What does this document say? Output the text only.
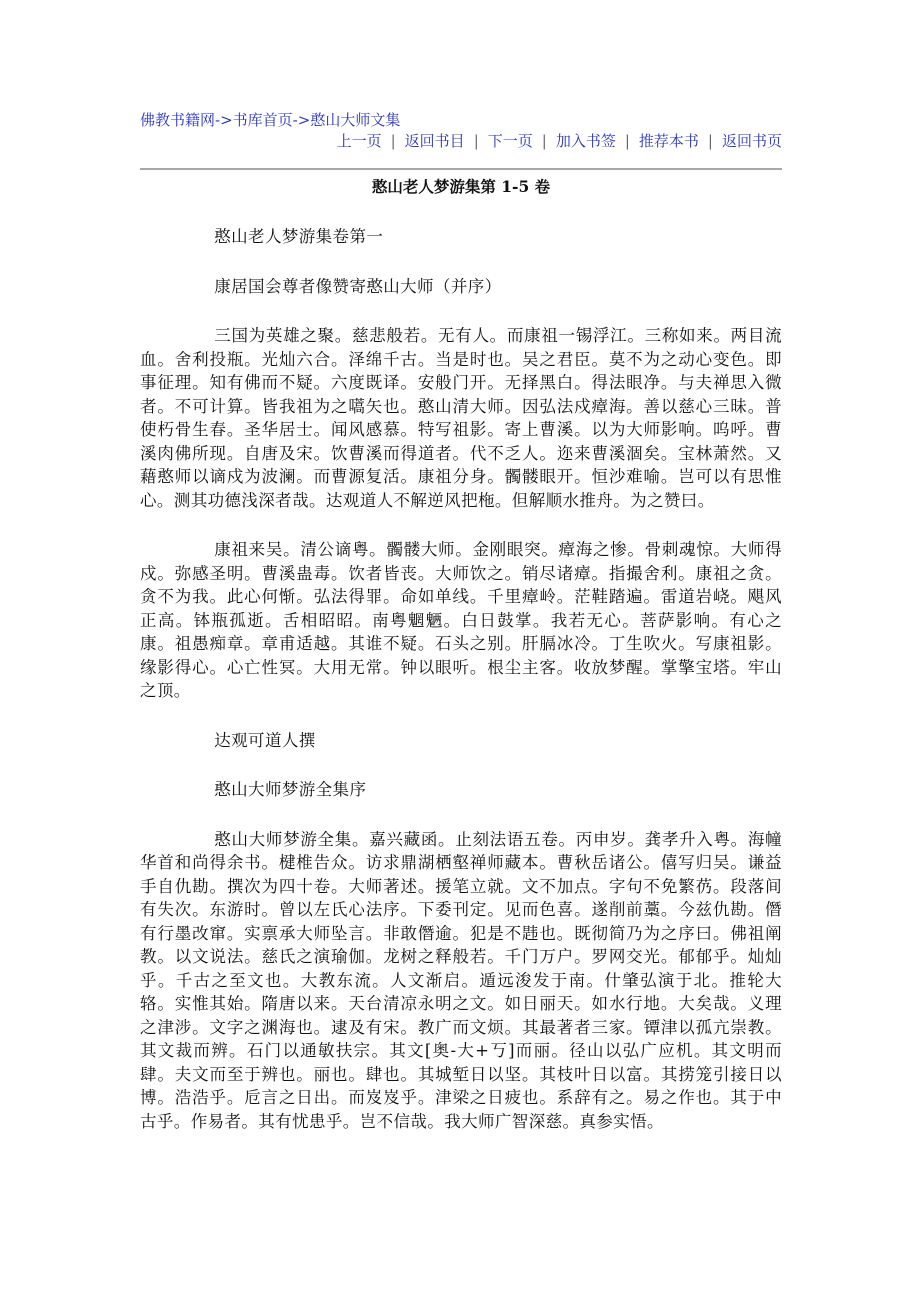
佛教书籍网->书库首页->憨山大师文集
上一页 | 返回书目 | 下一页 | 加入书签 | 推荐本书 | 返回书页
憨山老人梦游集第 1-5 卷

憨山老人梦游集卷第一

康居国会尊者像赞寄憨山大师（并序）

三国为英雄之聚。慈悲般若。无有人。而康祖一锡浮江。三称如来。两目流血。舍利投瓶。光灿六合。泽绵千古。当是时也。吴之君臣。莫不为之动心变色。即事征理。知有佛而不疑。六度既译。安般门开。无择黑白。得法眼净。与夫禅思入微者。不可计算。皆我祖为之嚆矢也。憨山清大师。因弘法戍瘴海。善以慈心三昧。普使朽骨生春。圣华居士。闻风感慕。特写祖影。寄上曹溪。以为大师影响。呜呼。曹溪肉佛所现。自唐及宋。饮曹溪而得道者。代不乏人。迩来曹溪涸矣。宝林萧然。又藉憨师以谪戍为波澜。而曹源复活。康祖分身。髑髅眼开。恒沙难喻。岂可以有思惟心。测其功德浅深者哉。达观道人不解逆风把柂。但解顺水推舟。为之赞曰。

康祖来吴。清公谪粤。髑髅大师。金刚眼突。瘴海之惨。骨刺魂惊。大师得戍。弥感圣明。曹溪蛊毒。饮者皆丧。大师饮之。销尽诸瘴。指撮舍利。康祖之贪。贪不为我。此心何惭。弘法得罪。命如单线。千里瘴岭。茫鞋踏遍。雷道岩峣。飓风正高。钵瓶孤逝。舌相昭昭。南粤魍魉。白日鼓掌。我若无心。菩萨影响。有心之康。祖愚痴章。章甫适越。其谁不疑。石头之别。肝膈冰冷。丁生吹火。写康祖影。缘影得心。心亡性冥。大用无常。钟以眼听。根尘主客。收放梦醒。掌擎宝塔。牢山之顶。

达观可道人撰

憨山大师梦游全集序

憨山大师梦游全集。嘉兴藏函。止刻法语五卷。丙申岁。龚孝升入粤。海幢华首和尚得余书。楗椎告众。访求鼎湖栖壑禅师藏本。曹秋岳诸公。僖写归吴。谦益手自仇勘。撰次为四十卷。大师著述。援笔立就。文不加点。字句不免繁芿。段落间有失次。东游时。曾以左氏心法序。下委刊定。见而色喜。遂削前藁。今兹仇勘。僭有行墨改窜。实禀承大师坠言。非敢僭逾。犯是不韪也。既彻简乃为之序曰。佛祖阐教。以文说法。慈氏之演瑜伽。龙树之释般若。千门万户。罗网交光。郁郁乎。灿灿乎。千古之至文也。大教东流。人文渐启。遁远浚发于南。什肇弘演于北。推轮大辂。实惟其始。隋唐以来。天台清凉永明之文。如日丽天。如水行地。大矣哉。义理之津涉。文字之渊海也。逮及有宋。教广而文烦。其最著者三家。镡津以孤亢崇教。其文裁而辨。石门以通敏扶宗。其文[奥-大+丂]而丽。径山以弘广应机。其文明而肆。夫文而至于辨也。丽也。肆也。其城堑日以坚。其枝叶日以富。其捞笼引接日以博。浩浩乎。卮言之日出。而岌岌乎。津梁之日疲也。系辞有之。易之作也。其于中古乎。作易者。其有忧患乎。岂不信哉。我大师广智深慈。真参实悟。
